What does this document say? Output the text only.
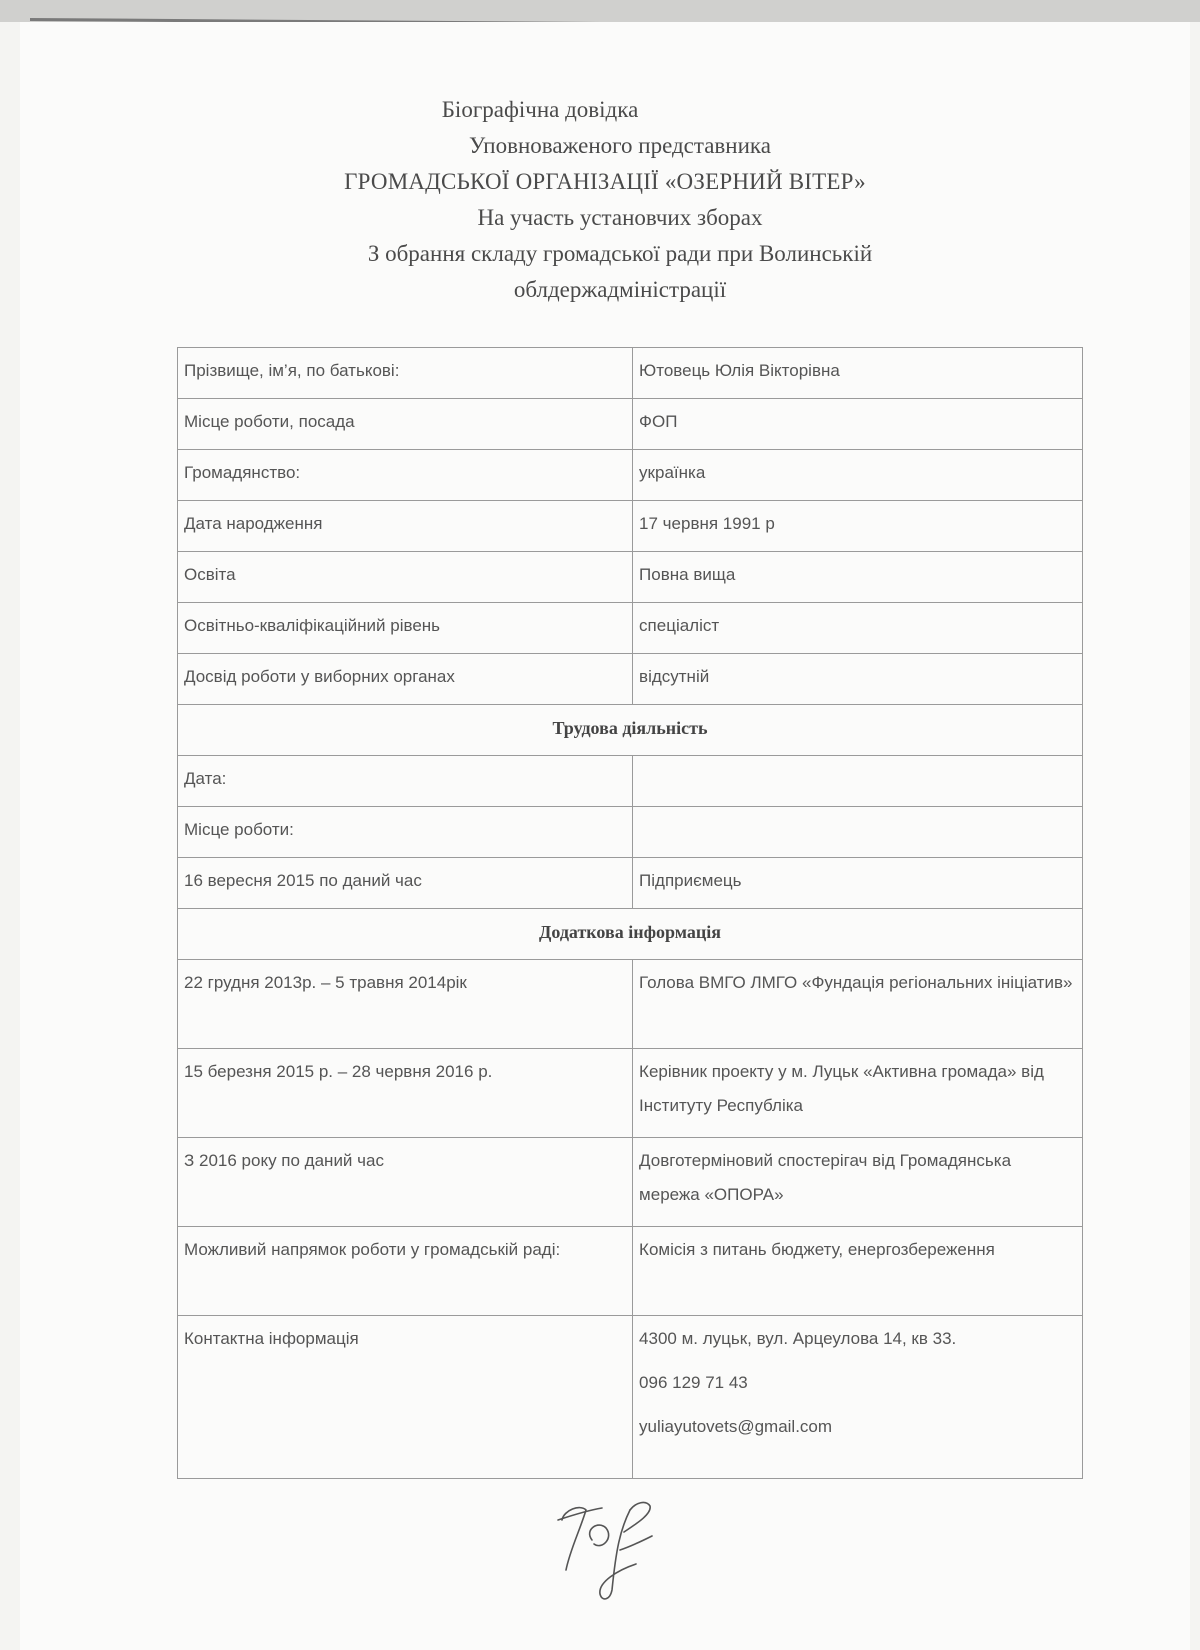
Біографічна довідка
Уповноваженого представника
ГРОМАДСЬКОЇ ОРГАНІЗАЦІЇ «ОЗЕРНИЙ ВІТЕР»
На участь установчих зборах
З обрання складу громадської ради при Волинській
облдержадміністрації
Прізвище, ім’я, по батькові:	Ютовець Юлія Вікторівна
Місце роботи, посада	ФОП
Громадянство:	українка
Дата народження	17 червня 1991 р
Освіта	Повна вища
Освітньо-кваліфікаційний рівень	спеціаліст
Досвід роботи у виборних органах	відсутній
Трудова діяльність	
Дата:	
Місце роботи:	
16 вересня 2015 по даний час	Підприємець
Додаткова інформація	
22 грудня 2013р. – 5 травня 2014рік	Голова ВМГО ЛМГО «Фундація регіональних ініціатив»
15 березня 2015 р. – 28 червня 2016 р.	Керівник проекту у м. Луцьк «Активна громада» від Інституту Республіка
З 2016 року по даний час	Довготерміновий спостерігач від Громадянська мережа «ОПОРА»
Можливий напрямок роботи у громадській раді:	Комісія з питань бюджету, енергозбереження
Контактна інформація	4300 м. луцьк, вул. Арцеулова 14, кв 33.
096 129 71 43
yuliayutovets@gmail.com
